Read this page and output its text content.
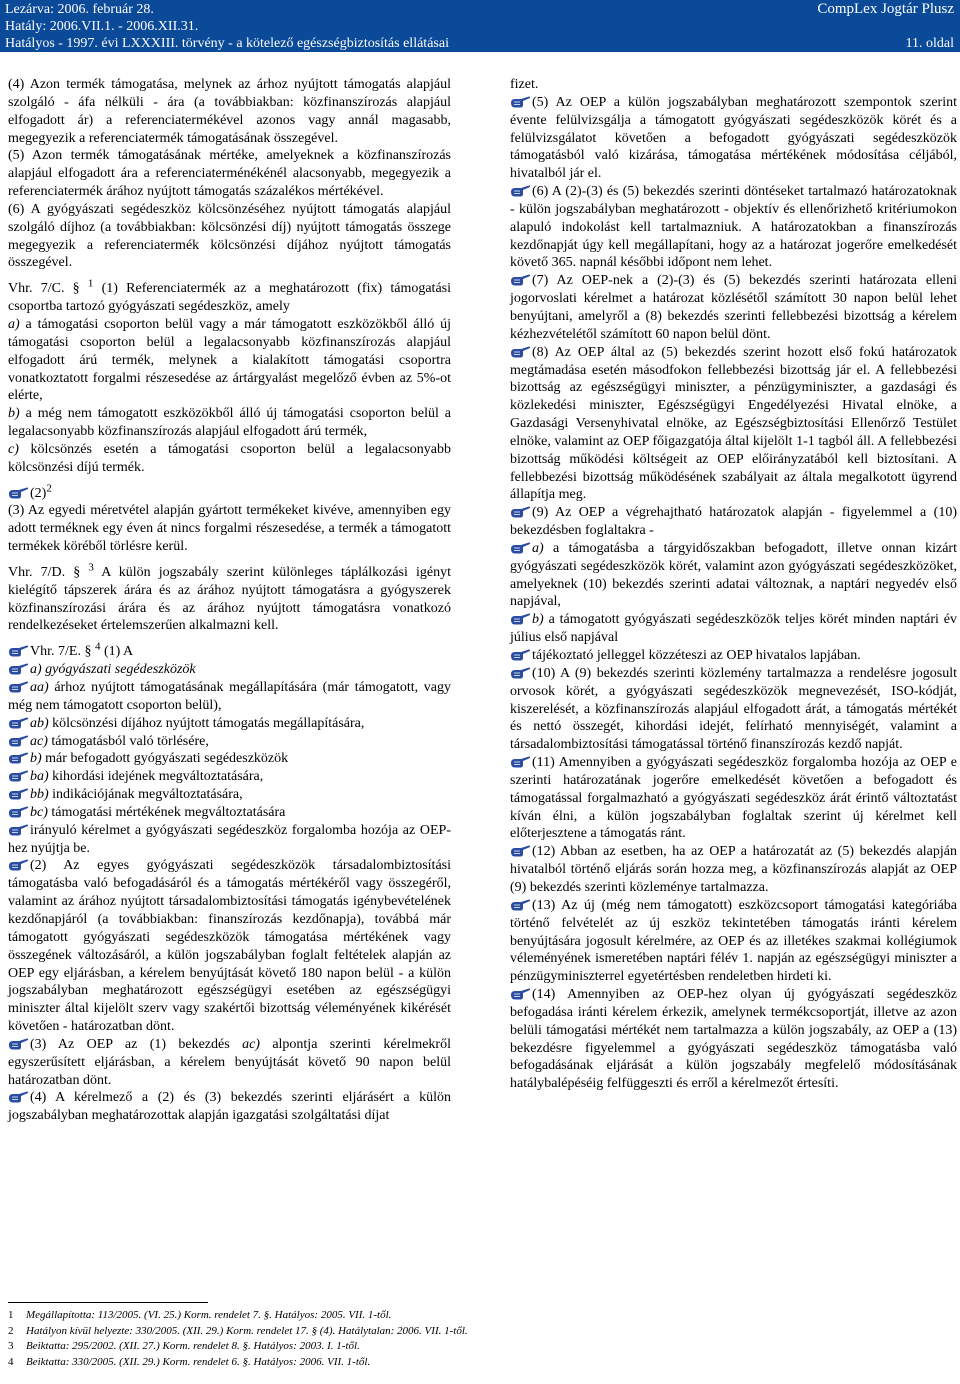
Lezárva: 2006. február 28.
Hatály: 2006.VII.1. - 2006.XII.31.
Hatályos - 1997. évi LXXXIII. törvény - a kötelező egészségbiztosítás ellátásai
CompLex Jogtár Plusz
11. oldal

(4) Azon termék támogatása, melynek az árhoz nyújtott támogatás alapjául szolgáló - áfa nélküli - ára (a továbbiakban: közfinanszírozás alapjául elfogadott ár) a referenciatermékével azonos vagy annál magasabb, megegyezik a referenciatermék támogatásának összegével.

(5) Azon termék támogatásának mértéke, amelyeknek a közfinanszírozás alapjául elfogadott ára a referenciaterménékénél alacsonyabb, megegyezik a referenciatermék árához nyújtott támogatás százalékos mértékével.

(6) A gyógyászati segédeszköz kölcsönzéséhez nyújtott támogatás alapjául szolgáló díjhoz (a továbbiakban: kölcsönzési díj) nyújtott támogatás összege megegyezik a referenciatermék kölcsönzési díjához nyújtott támogatás összegével.

Vhr. 7/C. § $^1$ (1) Referenciatermék az a meghatározott (fix) támogatási csoportba tartozó gyógyászati segédeszköz, amely

a) a támogatási csoporton belül vagy a már támogatott eszközökből álló új támogatási csoporton belül a legalacsonyabb közfinanszírozás alapjául elfogadott árú termék, melynek a kialakított támogatási csoportra vonatkoztatott forgalmi részesedése az ártárgyalást megelőző évben az 5%-ot elérte,

b) a még nem támogatott eszközökből álló új támogatási csoporton belül a legalacsonyabb közfinanszírozás alapjául elfogadott árú termék,

c) kölcsönzés esetén a támogatási csoporton belül a legalacsonyabb kölcsönzési díjú termék.

$(2)^2$

(3) Az egyedi méretvétel alapján gyártott termékeket kivéve, amennyiben egy adott terméknek egy éven át nincs forgalmi részesedése, a termék a támogatott termékek köréből törlésre kerül.

Vhr. 7/D. § $^3$ A külön jogszabály szerint különleges táplálkozási igényt kielégítő tápszerek árára és az árához nyújtott támogatásra a gyógyszerek közfinanszírozási árára és az árához nyújtott támogatásra vonatkozó rendelkezéseket értelemszerűen alkalmazni kell.

Vhr. 7/E. § $^4$ (1) A

a) gyógyászati segédeszközök

aa) árhoz nyújtott támogatásának megállapítására (már támogatott, vagy még nem támogatott csoporton belül),

ab) kölcsönzési díjához nyújtott támogatás megállapítására,

ac) támogatásból való törlésére,

b) már befogadott gyógyászati segédeszközök

ba) kihordási idejének megváltoztatására,

bb) indikációjának megváltoztatására,

bc) támogatási mértékének megváltoztatására

irányuló kérelmet a gyógyászati segédeszköz forgalomba hozója az OEP-hez nyújtja be.

(2) Az egyes gyógyászati segédeszközök társadalombiztosítási támogatásba való befogadásáról és a támogatás mértékéről vagy összegéről, valamint az árához nyújtott társadalombiztosítási támogatás igénybevételének kezdőnapjáról (a továbbiakban: finanszírozás kezdőnapja), továbbá már támogatott gyógyászati segédeszközök támogatása mértékének vagy összegének változásáról, a külön jogszabályban foglalt feltételek alapján az OEP egy eljárásban, a kérelem benyújtását követő 180 napon belül - a külön jogszabályban meghatározott egészségügyi esetében az egészségügyi miniszter által kijelölt szerv vagy szakértői bizottság véleményének kikérését követően - határozatban dönt.

(3) Az OEP az (1) bekezdés ac) alpontja szerinti kérelmekről egyszerűsített eljárásban, a kérelem benyújtását követő 90 napon belül határozatban dönt.

(4) A kérelmező a (2) és (3) bekezdés szerinti eljárásért a külön jogszabályban meghatározottak alapján igazgatási szolgáltatási díjat

fizet.

(5) Az OEP a külön jogszabályban meghatározott szempontok szerint évente felülvizsgálja a támogatott gyógyászati segédeszközök körét és a felülvizsgálatot követően a befogadott gyógyászati segédeszközök támogatásból való kizárása, támogatása mértékének módosítása céljából, hivatalból jár el.

(6) A (2)-(3) és (5) bekezdés szerinti döntéseket tartalmazó határozatoknak - külön jogszabályban meghatározott - objektív és ellenőrizhető kritériumokon alapuló indokolást kell tartalmazniuk. A határozatokban a finanszírozás kezdőnapját úgy kell megállapítani, hogy az a határozat jogerőre emelkedését követő 365. napnál későbbi időpont nem lehet.

(7) Az OEP-nek a (2)-(3) és (5) bekezdés szerinti határozata elleni jogorvoslati kérelmet a határozat közlésétől számított 30 napon belül lehet benyújtani, amelyről a (8) bekezdés szerinti fellebbezési bizottság a kérelem kézhezvételétől számított 60 napon belül dönt.

(8) Az OEP által az (5) bekezdés szerint hozott első fokú határozatok megtámadása esetén másodfokon fellebbezési bizottság jár el. A fellebbezési bizottság az egészségügyi miniszter, a pénzügyminiszter, a gazdasági és közlekedési miniszter, Egészségügyi Engedélyezési Hivatal elnöke, a Gazdasági Versenyhivatal elnöke, az Egészségbiztosítási Ellenőrző Testület elnöke, valamint az OEP főigazgatója által kijelölt 1-1 tagból áll. A fellebbezési bizottság működési költségeit az OEP előirányzatából kell biztosítani. A fellebbezési bizottság működésének szabályait az általa megalkotott ügyrend állapítja meg.

(9) Az OEP a végrehajtható határozatok alapján - figyelemmel a (10) bekezdésben foglaltakra -

a) a támogatásba a tárgyidőszakban befogadott, illetve onnan kizárt gyógyászati segédeszközök körét, valamint azon gyógyászati segédeszközöket, amelyeknek (10) bekezdés szerinti adatai változnak, a naptári negyedév első napjával,

b) a támogatott gyógyászati segédeszközök teljes körét minden naptári év július első napjával

tájékoztató jelleggel közzéteszi az OEP hivatalos lapjában.

(10) A (9) bekezdés szerinti közlemény tartalmazza a rendelésre jogosult orvosok körét, a gyógyászati segédeszközök megnevezését, ISO-kódját, kiszerelését, a közfinanszírozás alapjául elfogadott árát, a támogatás mértékét és nettó összegét, kihordási idejét, felírható mennyiségét, valamint a társadalombiztosítási támogatással történő finanszírozás kezdő napját.

(11) Amennyiben a gyógyászati segédeszköz forgalomba hozója az OEP e szerinti határozatának jogerőre emelkedését követően a befogadott és támogatással forgalmazható a gyógyászati segédeszköz árát érintő változtatást kíván élni, a külön jogszabályban foglaltak szerint új kérelmet kell előterjesztene a támogatás ránt.

(12) Abban az esetben, ha az OEP a határozatát az (5) bekezdés alapján hivatalból történő eljárás során hozza meg, a közfinanszírozás alapját az OEP (9) bekezdés szerinti közleménye tartalmazza.

(13) Az új (még nem támogatott) eszközcsoport támogatási kategóriába történő felvételét az új eszköz tekintetében támogatás iránti kérelem benyújtására jogosult kérelmére, az OEP és az illetékes szakmai kollégiumok véleményének ismeretében naptári félév 1. napján az egészségügyi miniszter a pénzügyminiszterrel egyetértésben rendeletben hirdeti ki.

(14) Amennyiben az OEP-hez olyan új gyógyászati segédeszköz befogadása iránti kérelem érkezik, amelynek termékcsoportját, illetve az azon belüli támogatási mértékét nem tartalmazza a külön jogszabály, az OEP a (13) bekezdésre figyelemmel a gyógyászati segédeszköz támogatásba való befogadásának eljárását a külön jogszabály megfelelő módosításának hatálybalépéséig felfüggeszti és erről a kérelmezőt értesíti.

1 Megállapította: 113/2005. (VI. 25.) Korm. rendelet 7. §. Hatályos: 2005. VII. 1-től.
2 Hatályon kívül helyezte: 330/2005. (XII. 29.) Korm. rendelet 17. § (4). Hatálytalan: 2006. VII. 1-től.
3 Beiktatta: 295/2002. (XII. 27.) Korm. rendelet 8. §. Hatályos: 2003. I. 1-től.
4 Beiktatta: 330/2005. (XII. 29.) Korm. rendelet 6. §. Hatályos: 2006. VII. 1-től.
